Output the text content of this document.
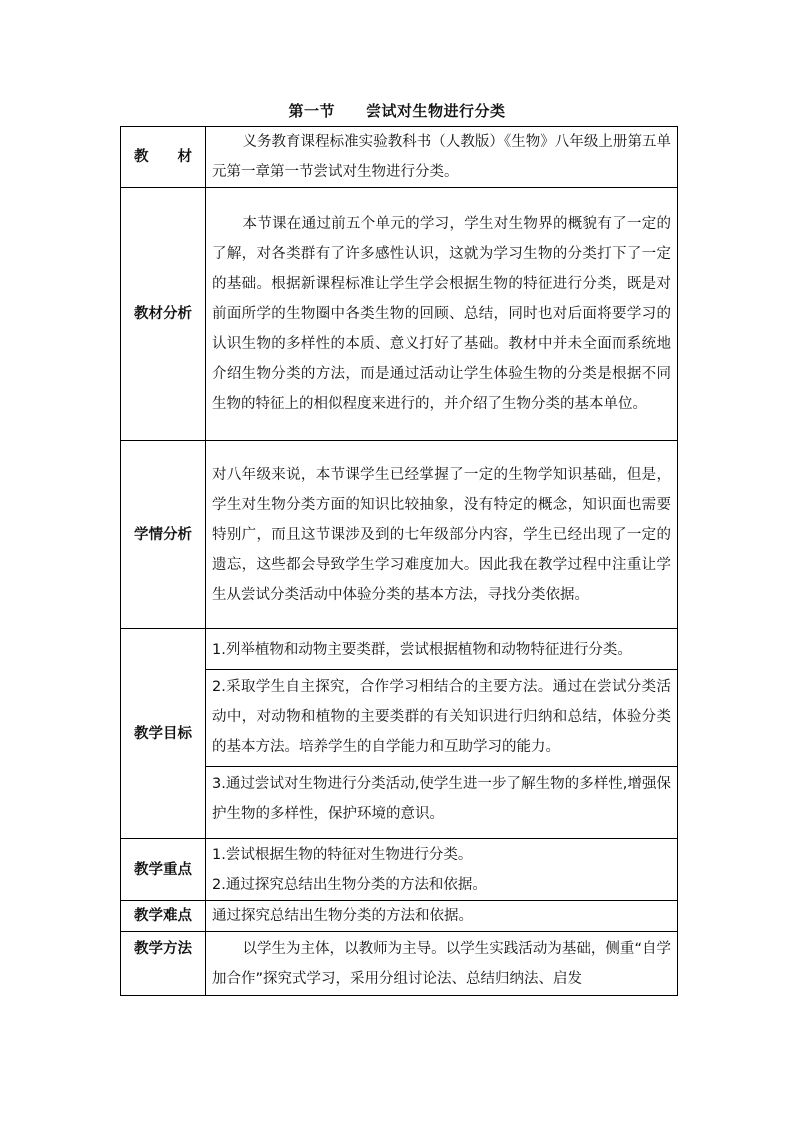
第一节　　尝试对生物进行分类
教　　材	义务教育课程标准实验教科书（人教版）《生物》八年级上册第五单元第一章第一节尝试对生物进行分类。
教材分析	本节课在通过前五个单元的学习，学生对生物界的概貌有了一定的了解，对各类群有了许多感性认识，这就为学习生物的分类打下了一定的基础。根据新课程标准让学生学会根据生物的特征进行分类，既是对前面所学的生物圈中各类生物的回顾、总结，同时也对后面将要学习的认识生物的多样性的本质、意义打好了基础。教材中并未全面而系统地介绍生物分类的方法，而是通过活动让学生体验生物的分类是根据不同生物的特征上的相似程度来进行的，并介绍了生物分类的基本单位。
学情分析	对八年级来说，本节课学生已经掌握了一定的生物学知识基础，但是，学生对生物分类方面的知识比较抽象，没有特定的概念，知识面也需要特别广，而且这节课涉及到的七年级部分内容，学生已经出现了一定的遗忘，这些都会导致学生学习难度加大。因此我在教学过程中注重让学生从尝试分类活动中体验分类的基本方法，寻找分类依据。
教学目标	1.列举植物和动物主要类群，尝试根据植物和动物特征进行分类。
2.采取学生自主探究，合作学习相结合的主要方法。通过在尝试分类活动中，对动物和植物的主要类群的有关知识进行归纳和总结，体验分类的基本方法。培养学生的自学能力和互助学习的能力。
3.通过尝试对生物进行分类活动,使学生进一步了解生物的多样性,增强保护生物的多样性，保护环境的意识。

教学重点	1.尝试根据生物的特征对生物进行分类。
2.通过探究总结出生物分类的方法和依据。

教学难点	通过探究总结出生物分类的方法和依据。
教学方法	以学生为主体，以教师为主导。以学生实践活动为基础，侧重“自学加合作”探究式学习，采用分组讨论法、总结归纳法、启发
